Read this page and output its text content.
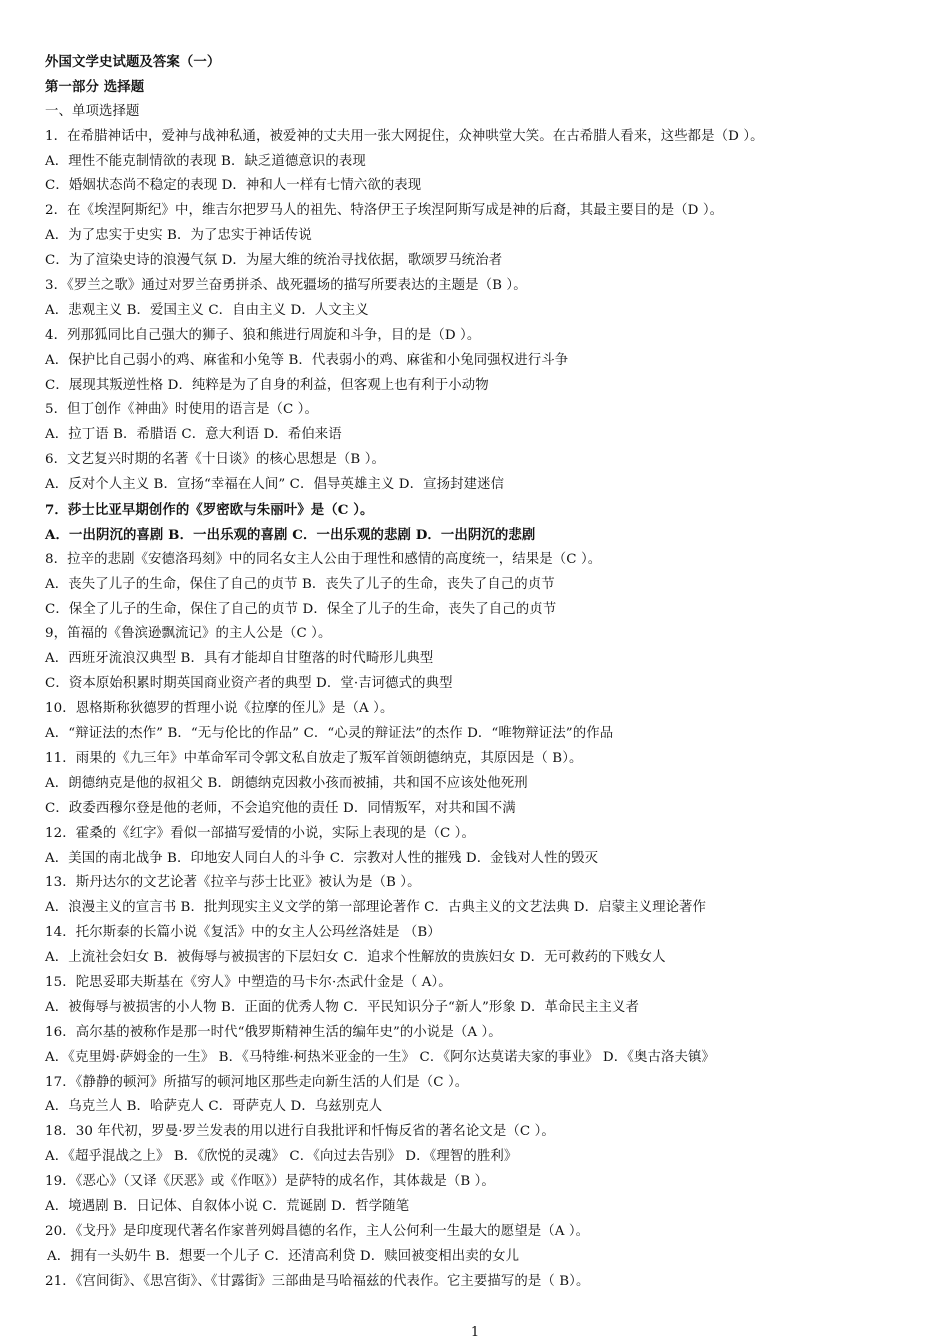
外国文学史试题及答案（一）
第一部分 选择题
一、单项选择题
1．在希腊神话中，爱神与战神私通，被爱神的丈夫用一张大网捉住，众神哄堂大笑。在古希腊人看来，这些都是（D ）。
A．理性不能克制情欲的表现 B．缺乏道德意识的表现
C．婚姻状态尚不稳定的表现 D．神和人一样有七情六欲的表现
2．在《埃涅阿斯纪》中，维吉尔把罗马人的祖先、特洛伊王子埃涅阿斯写成是神的后裔，其最主要目的是（D ）。
A．为了忠实于史实 B．为了忠实于神话传说
C．为了渲染史诗的浪漫气氛 D．为屋大维的统治寻找依据，歌颂罗马统治者
3．《罗兰之歌》通过对罗兰奋勇拼杀、战死疆场的描写所要表达的主题是（B ）。
A．悲观主义 B．爱国主义 C．自由主义 D．人文主义
4．列那狐同比自己强大的狮子、狼和熊进行周旋和斗争，目的是（D ）。
A．保护比自己弱小的鸡、麻雀和小兔等 B．代表弱小的鸡、麻雀和小兔同强权进行斗争
C．展现其叛逆性格 D．纯粹是为了自身的利益，但客观上也有利于小动物
5．但丁创作《神曲》时使用的语言是（C ）。
A．拉丁语 B．希腊语 C．意大利语 D．希伯来语
6．文艺复兴时期的名著《十日谈》的核心思想是（B ）。
A．反对个人主义 B．宣扬“幸福在人间” C．倡导英雄主义 D．宣扬封建迷信
7．莎士比亚早期创作的《罗密欧与朱丽叶》是（C ）。
A．一出阴沉的喜剧 B．一出乐观的喜剧 C．一出乐观的悲剧 D．一出阴沉的悲剧
8．拉辛的悲剧《安德洛玛刻》中的同名女主人公由于理性和感情的高度统一，结果是（C ）。
A．丧失了儿子的生命，保住了自己的贞节 B．丧失了儿子的生命，丧失了自己的贞节
C．保全了儿子的生命，保住了自己的贞节 D．保全了儿子的生命，丧失了自己的贞节
9，笛福的《鲁滨逊飘流记》的主人公是（C ）。
A．西班牙流浪汉典型 B．具有才能却自甘堕落的时代畸形儿典型
C．资本原始积累时期英国商业资产者的典型 D．堂·吉诃德式的典型
10．恩格斯称狄德罗的哲理小说《拉摩的侄儿》是（A ）。
A．“辩证法的杰作” B．“无与伦比的作品” C．“心灵的辩证法”的杰作 D．“唯物辩证法”的作品
11．雨果的《九三年》中革命军司令郭文私自放走了叛军首领朗德纳克，其原因是（ B）。
A．朗德纳克是他的叔祖父 B．朗德纳克因救小孩而被捕，共和国不应该处他死刑
C．政委西穆尔登是他的老师，不会追究他的责任 D．同情叛军，对共和国不满
12．霍桑的《红字》看似一部描写爱情的小说，实际上表现的是（C ）。
A．美国的南北战争 B．印地安人同白人的斗争 C．宗教对人性的摧残 D．金钱对人性的毁灭
13．斯丹达尔的文艺论著《拉辛与莎士比亚》被认为是（B ）。
A．浪漫主义的宣言书 B．批判现实主义文学的第一部理论著作 C．古典主义的文艺法典 D．启蒙主义理论著作
14．托尔斯泰的长篇小说《复活》中的女主人公玛丝洛娃是 （B）
A．上流社会妇女 B．被侮辱与被损害的下层妇女 C．追求个性解放的贵族妇女 D．无可救药的下贱女人
15．陀思妥耶夫斯基在《穷人》中塑造的马卡尔·杰武什金是（ A）。
A．被侮辱与被损害的小人物 B．正面的优秀人物 C．平民知识分子“新人”形象 D．革命民主主义者
16．高尔基的被称作是那一时代“俄罗斯精神生活的编年史”的小说是（A ）。
A．《克里姆·萨姆金的一生》 B．《马特维·柯热米亚金的一生》 C．《阿尔达莫诺夫家的事业》 D．《奥古洛夫镇》
17．《静静的顿河》所描写的顿河地区那些走向新生活的人们是（C ）。
A．乌克兰人 B．哈萨克人 C．哥萨克人 D．乌兹别克人
18．30 年代初，罗曼·罗兰发表的用以进行自我批评和忏悔反省的著名论文是（C ）。
A．《超乎混战之上》 B．《欣悦的灵魂》 C．《向过去告别》 D．《理智的胜利》
19．《恶心》（又译《厌恶》或《作呕》）是萨特的成名作，其体裁是（B ）。
A．境遇剧 B．日记体、自叙体小说 C．荒诞剧 D．哲学随笔
20．《戈丹》是印度现代著名作家普列姆昌德的名作，主人公何利一生最大的愿望是（A ）。
A．拥有一头奶牛 B．想要一个儿子 C．还清高利贷 D．赎回被变相出卖的女儿
21．《宫间街》、《思宫街》、《甘露街》三部曲是马哈福兹的代表作。它主要描写的是（ B）。
1
